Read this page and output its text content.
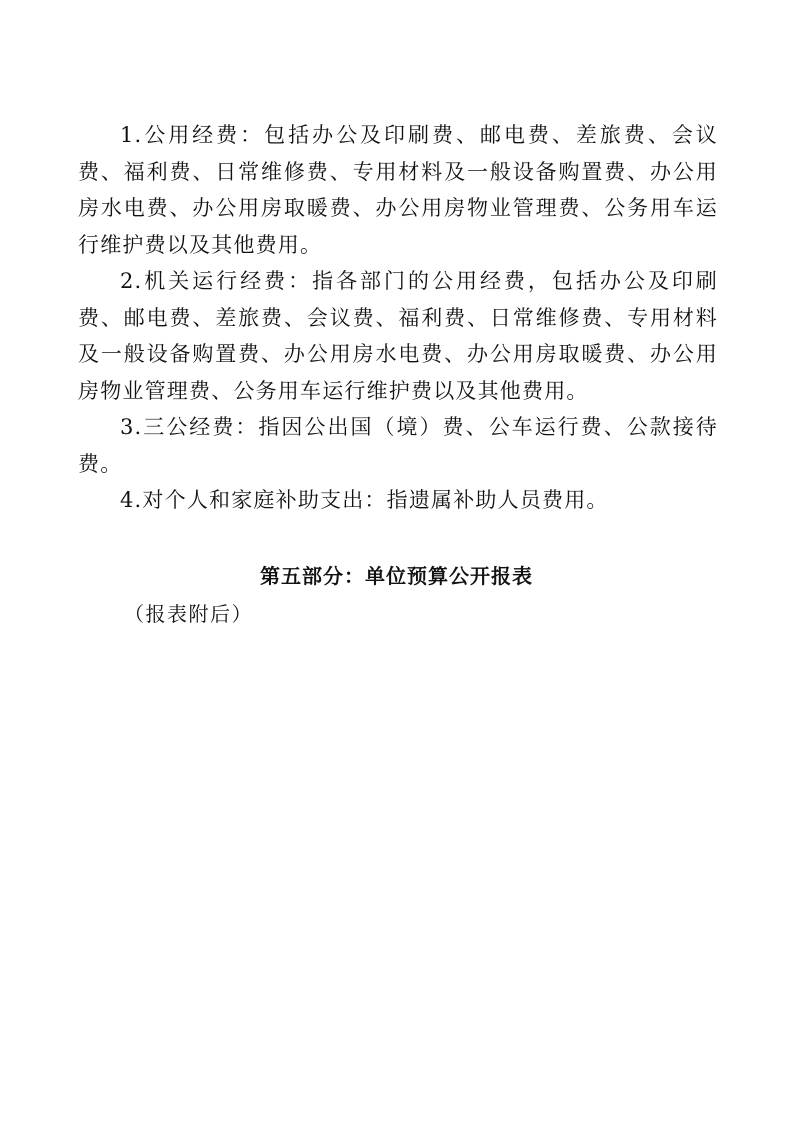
1.公用经费：包括办公及印刷费、邮电费、差旅费、会议费、福利费、日常维修费、专用材料及一般设备购置费、办公用房水电费、办公用房取暖费、办公用房物业管理费、公务用车运行维护费以及其他费用。

2.机关运行经费：指各部门的公用经费，包括办公及印刷费、邮电费、差旅费、会议费、福利费、日常维修费、专用材料及一般设备购置费、办公用房水电费、办公用房取暖费、办公用房物业管理费、公务用车运行维护费以及其他费用。

3.三公经费：指因公出国（境）费、公车运行费、公款接待费。

4.对个人和家庭补助支出：指遗属补助人员费用。

第五部分：单位预算公开报表
（报表附后）
